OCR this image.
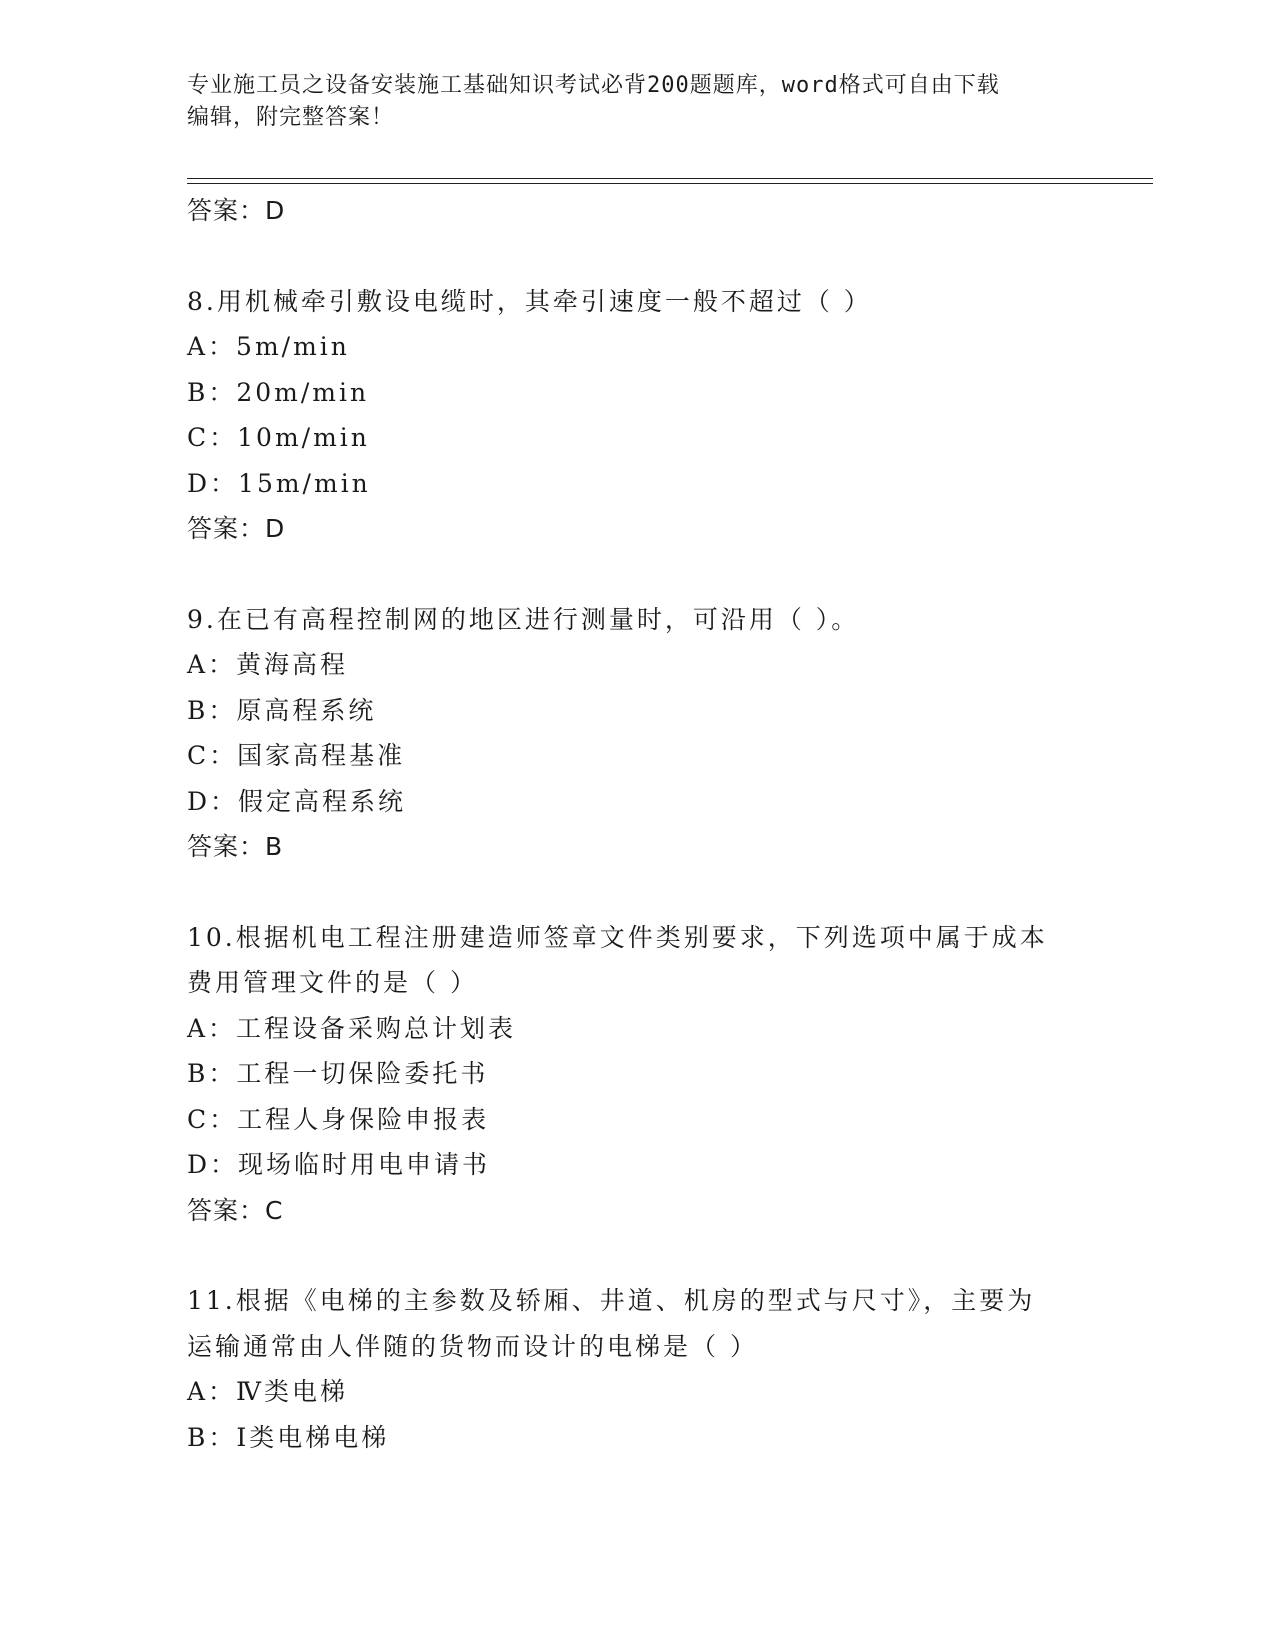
专业施工员之设备安装施工基础知识考试必背200题题库，word格式可自由下载
编辑，附完整答案！
答案：D
8.用机械牵引敷设电缆时，其牵引速度一般不超过（ ）
A：5m/min
B：20m/min
C：10m/min
D：15m/min
答案：D
9.在已有高程控制网的地区进行测量时，可沿用（ ）。
A：黄海高程
B：原高程系统
C：国家高程基准
D：假定高程系统
答案：B
10.根据机电工程注册建造师签章文件类别要求，下列选项中属于成本
费用管理文件的是（ ）
A：工程设备采购总计划表
B：工程一切保险委托书
C：工程人身保险申报表
D：现场临时用电申请书
答案：C
11.根据《电梯的主参数及轿厢、井道、机房的型式与尺寸》，主要为
运输通常由人伴随的货物而设计的电梯是（ ）
A：Ⅳ类电梯
B：Ⅰ类电梯电梯
